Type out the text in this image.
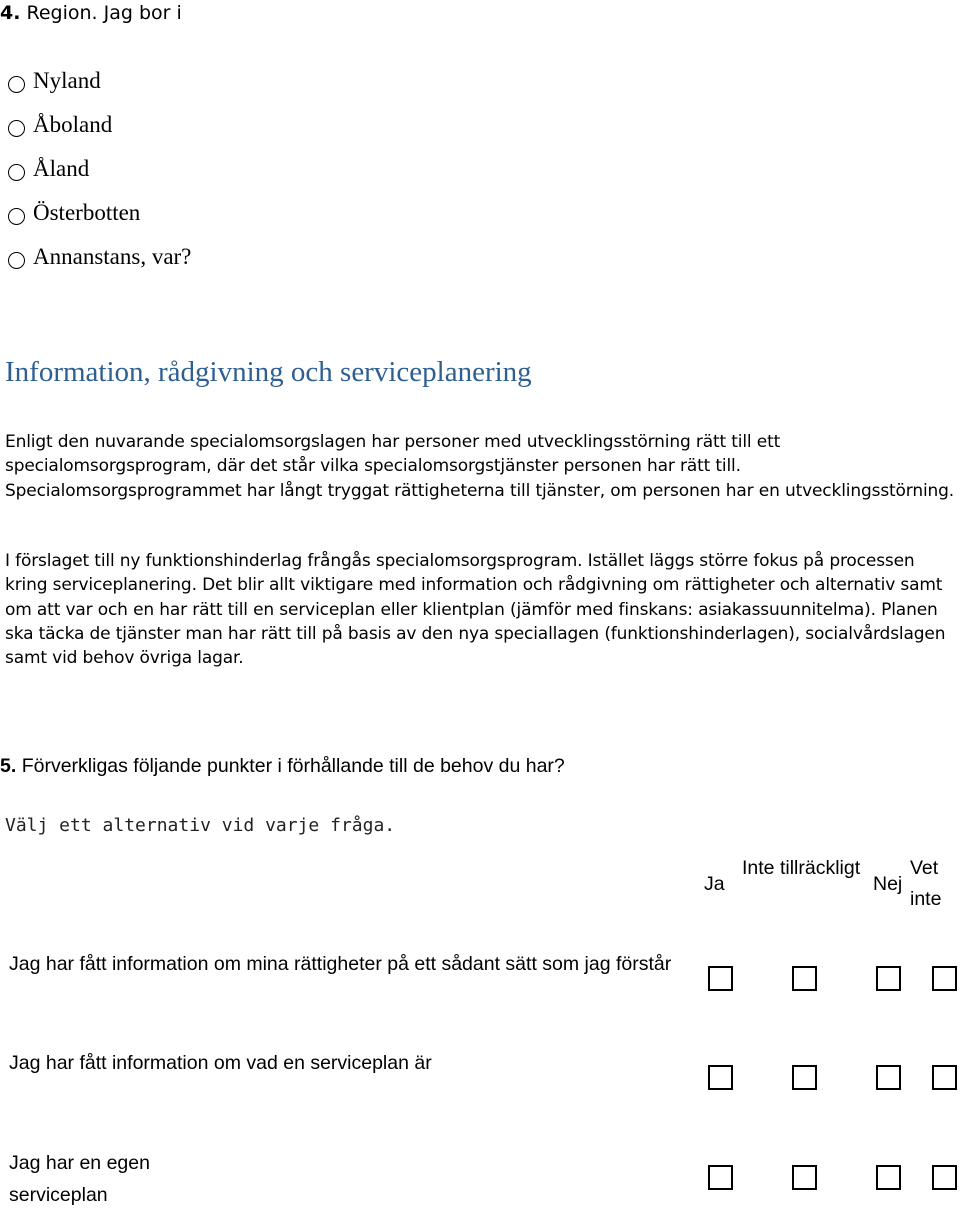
4. Region. Jag bor i
Nyland
Åboland
Åland
Österbotten
Annanstans, var?
Information, rådgivning och serviceplanering
Enligt den nuvarande specialomsorgslagen har personer med utvecklingsstörning rätt till ett specialomsorgsprogram, där det står vilka specialomsorgstjänster personen har rätt till. Specialomsorgsprogrammet har långt tryggat rättigheterna till tjänster, om personen har en utvecklingsstörning.
I förslaget till ny funktionshinderlag frångås specialomsorgsprogram. Istället läggs större fokus på processen kring serviceplanering. Det blir allt viktigare med information och rådgivning om rättigheter och alternativ samt om att var och en har rätt till en serviceplan eller klientplan (jämför med finskans: asiakassuunnitelma). Planen ska täcka de tjänster man har rätt till på basis av den nya speciallagen (funktionshinderlagen), socialvårdslagen samt vid behov övriga lagar.
5. Förverkligas följande punkter i förhållande till de behov du har?
Välj ett alternativ vid varje fråga.
Ja
Inte tillräckligt
Nej
Vet inte
Jag har fått information om mina rättigheter på ett sådant sätt som jag förstår
Jag har fått information om vad en serviceplan är
Jag har en egen serviceplan
